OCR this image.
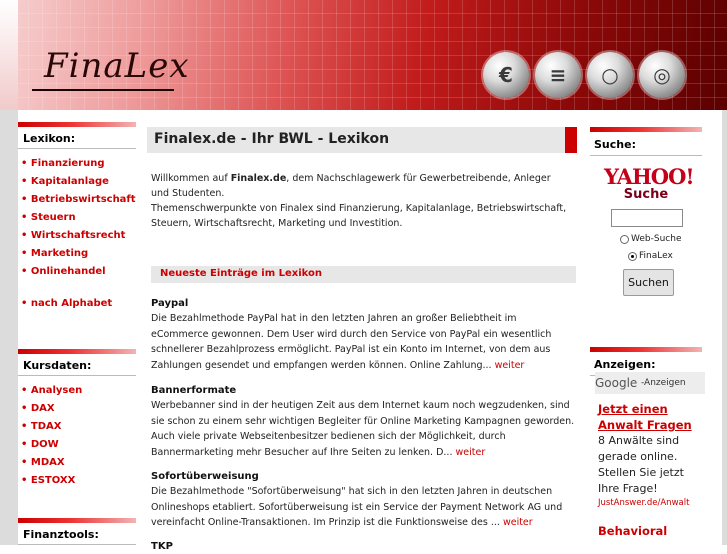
FinaLex	€	≡	○	◎
Lexikon:
• Finanzierung
• Kapitalanlage
• Betriebswirtschaft
• Steuern
• Wirtschaftsrecht
• Marketing
• Onlinehandel
• nach Alphabet
Kursdaten:
• Analysen
• DAX
• TDAX
• DOW
• MDAX
• ESTOXX
Finanztools:
Finalex.de - Ihr BWL - Lexikon
Willkommen auf Finalex.de, dem Nachschlagewerk für Gewerbetreibende, Anleger und Studenten.
Themenschwerpunkte von Finalex sind Finanzierung, Kapitalanlage, Betriebswirtschaft, Steuern, Wirtschaftsrecht, Marketing und Investition.
Neueste Einträge im Lexikon
Paypal

Die Bezahlmethode PayPal hat in den letzten Jahren an großer Beliebtheit im eCommerce gewonnen. Dem User wird durch den Service von PayPal ein wesentlich schnellerer Bezahlprozess ermöglicht. PayPal ist ein Konto im Internet, von dem aus Zahlungen gesendet und empfangen werden können. Online Zahlung... weiter

Bannerformate

Werbebanner sind in der heutigen Zeit aus dem Internet kaum noch wegzudenken, sind sie schon zu einem sehr wichtigen Begleiter für Online Marketing Kampagnen geworden. Auch viele private Webseitenbesitzer bedienen sich der Möglichkeit, durch Bannermarketing mehr Besucher auf Ihre Seiten zu lenken. D... weiter

Sofortüberweisung

Die Bezahlmethode "Sofortüberweisung" hat sich in den letzten Jahren in deutschen Onlineshops etabliert. Sofortüberweisung ist ein Service der Payment Network AG und vereinfacht Online-Transaktionen. Im Prinzip ist die Funktionsweise des ... weiter

TKP
Suche:
YAHOO!
Suche
Web-Suche
FinaLex
Suchen
Anzeigen:
Google -Anzeigen
Jetzt einen Anwalt Fragen
8 Anwälte sind gerade online. Stellen Sie jetzt Ihre Frage!
JustAnswer.de/Anwalt
Behavioral
